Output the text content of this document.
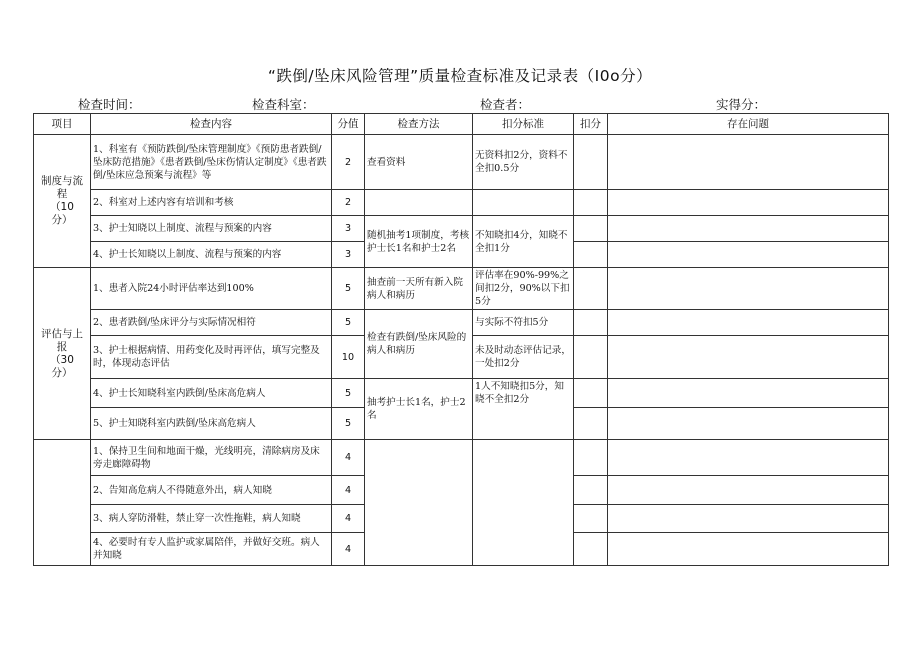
“跌倒/坠床风险管理”质量检查标准及记录表（I0o分）
检查时间：	检查科室：	检查者：	实得分：
项目	检查内容	分值	检查方法	扣分标准	扣分	存在问题

制度与流程
（10
分）	1、科室有《预防跌倒/坠床管理制度》《预防患者跌倒/坠床防范措施》《患者跌倒/坠床伤情认定制度》《患者跌倒/坠床应急预案与流程》等	2	查看资料	无资料扣2分，资料不全扣0.5分		
	2、科室对上述内容有培训和考核	2				
	3、护士知晓以上制度、流程与预案的内容	3	随机抽考1项制度，考核护士长1名和护士2名	不知晓扣4分，知晓不全扣1分		
	4、护士长知晓以上制度、流程与预案的内容	3				

评估与上报
（30
分）	1、患者入院24小时评估率达到100%	5	抽查前一天所有新入院病人和病历	评估率在90%-99%之间扣2分，90%以下扣5分		
	2、患者跌倒/坠床评分与实际情况相符	5	检查有跌倒/坠床风险的病人和病历	与实际不符扣5分		
	3、护士根据病情、用药变化及时再评估，填写完整及时，体现动态评估	10		未及时动态评估记录，一处扣2分		
	4、护士长知晓科室内跌倒/坠床高危病人	5	抽考护士长1名，护士2名	1人不知晓扣5分，知晓不全扣2分		
	5、护士知晓科室内跌倒/坠床高危病人	5				
	1、保持卫生间和地面干燥，光线明亮，清除病房及床旁走廊障碍物	4				
	2、告知高危病人不得随意外出，病人知晓	4				
	3、病人穿防滑鞋，禁止穿一次性拖鞋，病人知晓	4				
	4、必要时有专人监护或家属陪伴，并做好交班。病人并知晓	4				
